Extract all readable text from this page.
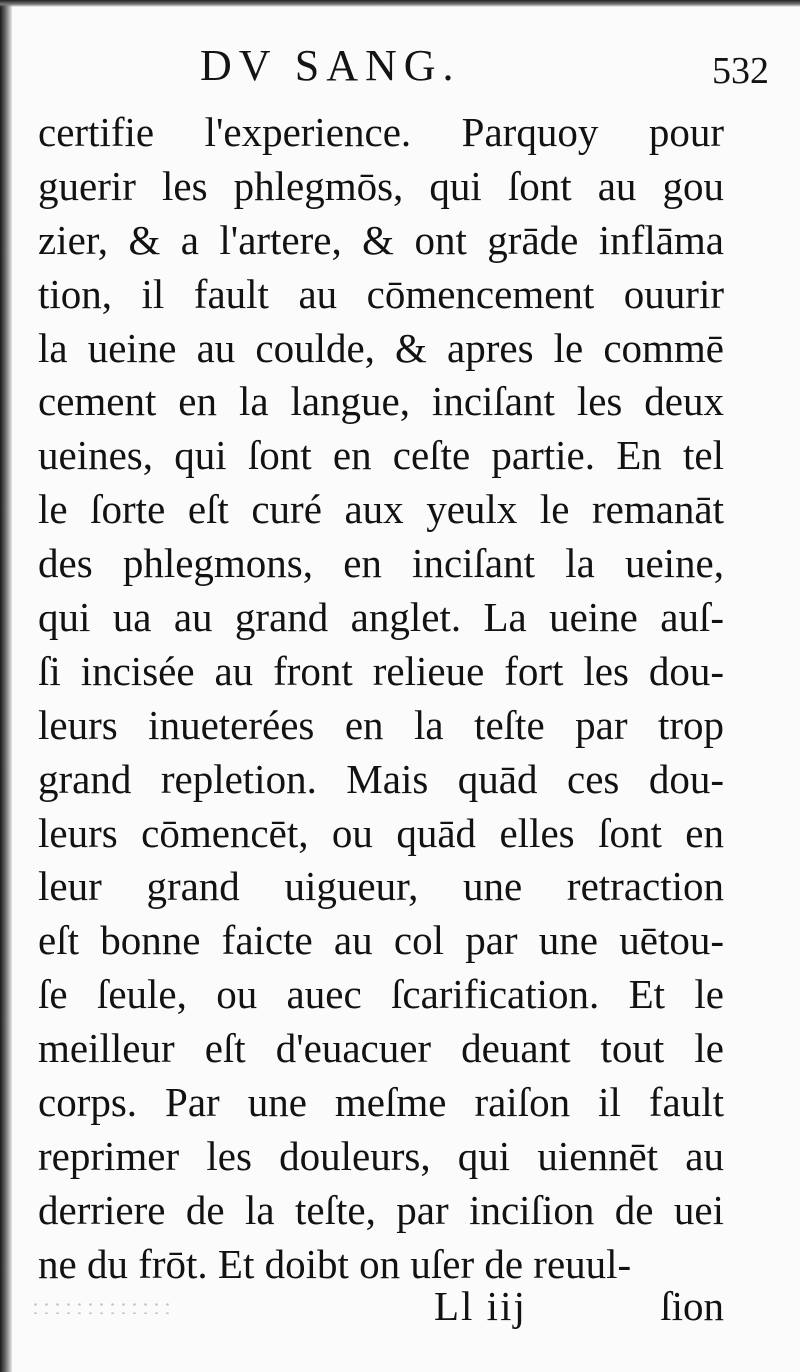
DV SANG.	532
certifie l'experience. Parquoy pour
guerir les phlegmōs, qui ſont au gou
zier, & a l'artere, & ont grāde inflāma
tion, il fault au cōmencement ouurir
la ueine au coulde, & apres le commē
cement en la langue, inciſant les deux
ueines, qui ſont en ceſte partie. En tel
le ſorte eſt curé aux yeulx le remanāt
des phlegmons, en inciſant la ueine,
qui ua au grand anglet. La ueine auſ-
ſi incisée au front relieue fort les dou-
leurs inueterées en la teſte par trop
grand repletion. Mais quād ces dou-
leurs cōmencēt, ou quād elles ſont en
leur grand uigueur, une retraction
eſt bonne faicte au col par une uētou-
ſe ſeule, ou auec ſcarification. Et le
meilleur eſt d'euacuer deuant tout le
corps. Par une meſme raiſon il fault
reprimer les douleurs, qui uiennēt au
derriere de la teſte, par inciſion de uei
ne du frōt. Et doibt on uſer de reuul-
Ll iij	ſion
